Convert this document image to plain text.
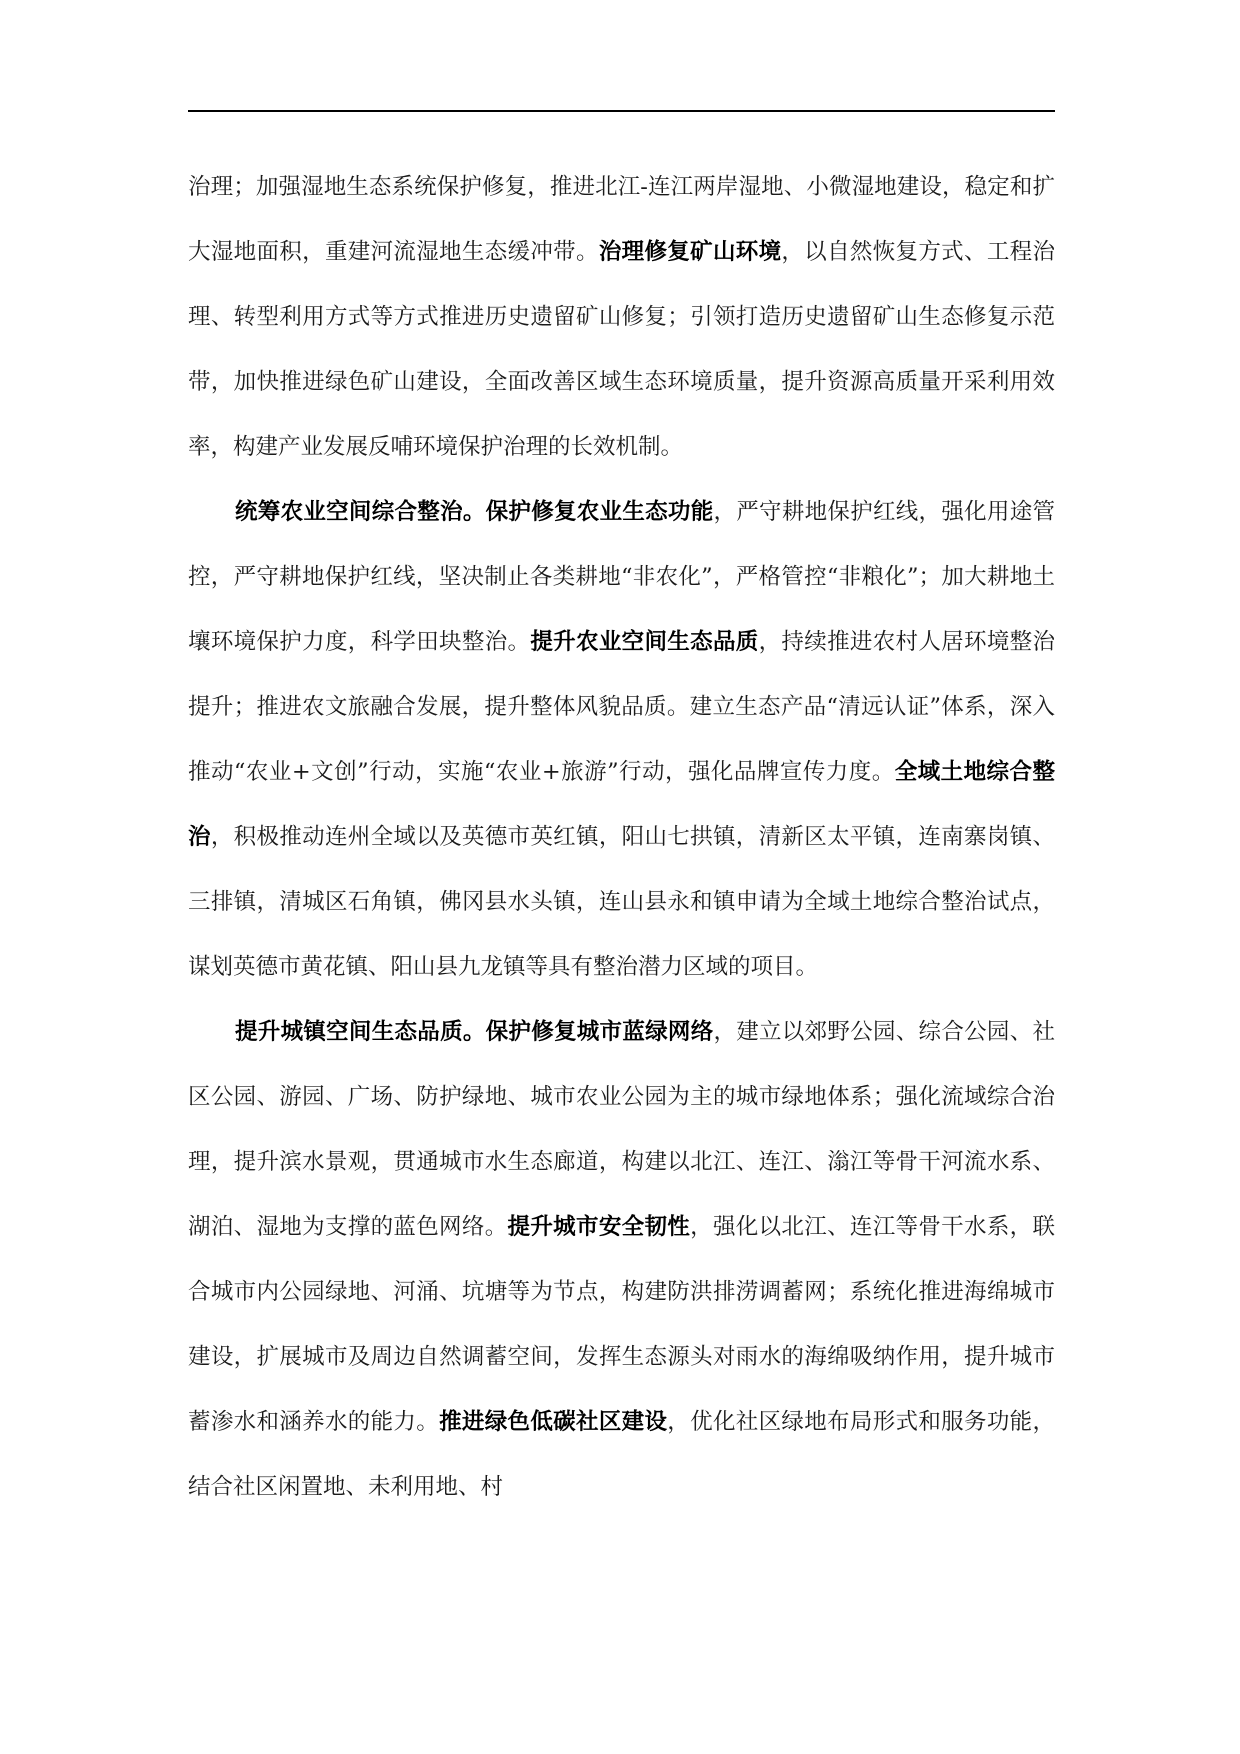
治理；加强湿地生态系统保护修复，推进北江-连江两岸湿地、小微湿地建设，稳定和扩大湿地面积，重建河流湿地生态缓冲带。治理修复矿山环境，以自然恢复方式、工程治理、转型利用方式等方式推进历史遗留矿山修复；引领打造历史遗留矿山生态修复示范带，加快推进绿色矿山建设，全面改善区域生态环境质量，提升资源高质量开采利用效率，构建产业发展反哺环境保护治理的长效机制。

统筹农业空间综合整治。保护修复农业生态功能，严守耕地保护红线，强化用途管控，严守耕地保护红线，坚决制止各类耕地“非农化”，严格管控“非粮化”；加大耕地土壤环境保护力度，科学田块整治。提升农业空间生态品质，持续推进农村人居环境整治提升；推进农文旅融合发展，提升整体风貌品质。建立生态产品“清远认证”体系，深入推动“农业+文创”行动，实施“农业+旅游”行动，强化品牌宣传力度。全域土地综合整治，积极推动连州全域以及英德市英红镇，阳山七拱镇，清新区太平镇，连南寨岗镇、三排镇，清城区石角镇，佛冈县水头镇，连山县永和镇申请为全域土地综合整治试点，谋划英德市黄花镇、阳山县九龙镇等具有整治潜力区域的项目。

提升城镇空间生态品质。保护修复城市蓝绿网络，建立以郊野公园、综合公园、社区公园、游园、广场、防护绿地、城市农业公园为主的城市绿地体系；强化流域综合治理，提升滨水景观，贯通城市水生态廊道，构建以北江、连江、滃江等骨干河流水系、湖泊、湿地为支撑的蓝色网络。提升城市安全韧性，强化以北江、连江等骨干水系，联合城市内公园绿地、河涌、坑塘等为节点，构建防洪排涝调蓄网；系统化推进海绵城市建设，扩展城市及周边自然调蓄空间，发挥生态源头对雨水的海绵吸纳作用，提升城市蓄渗水和涵养水的能力。推进绿色低碳社区建设，优化社区绿地布局形式和服务功能，结合社区闲置地、未利用地、村
